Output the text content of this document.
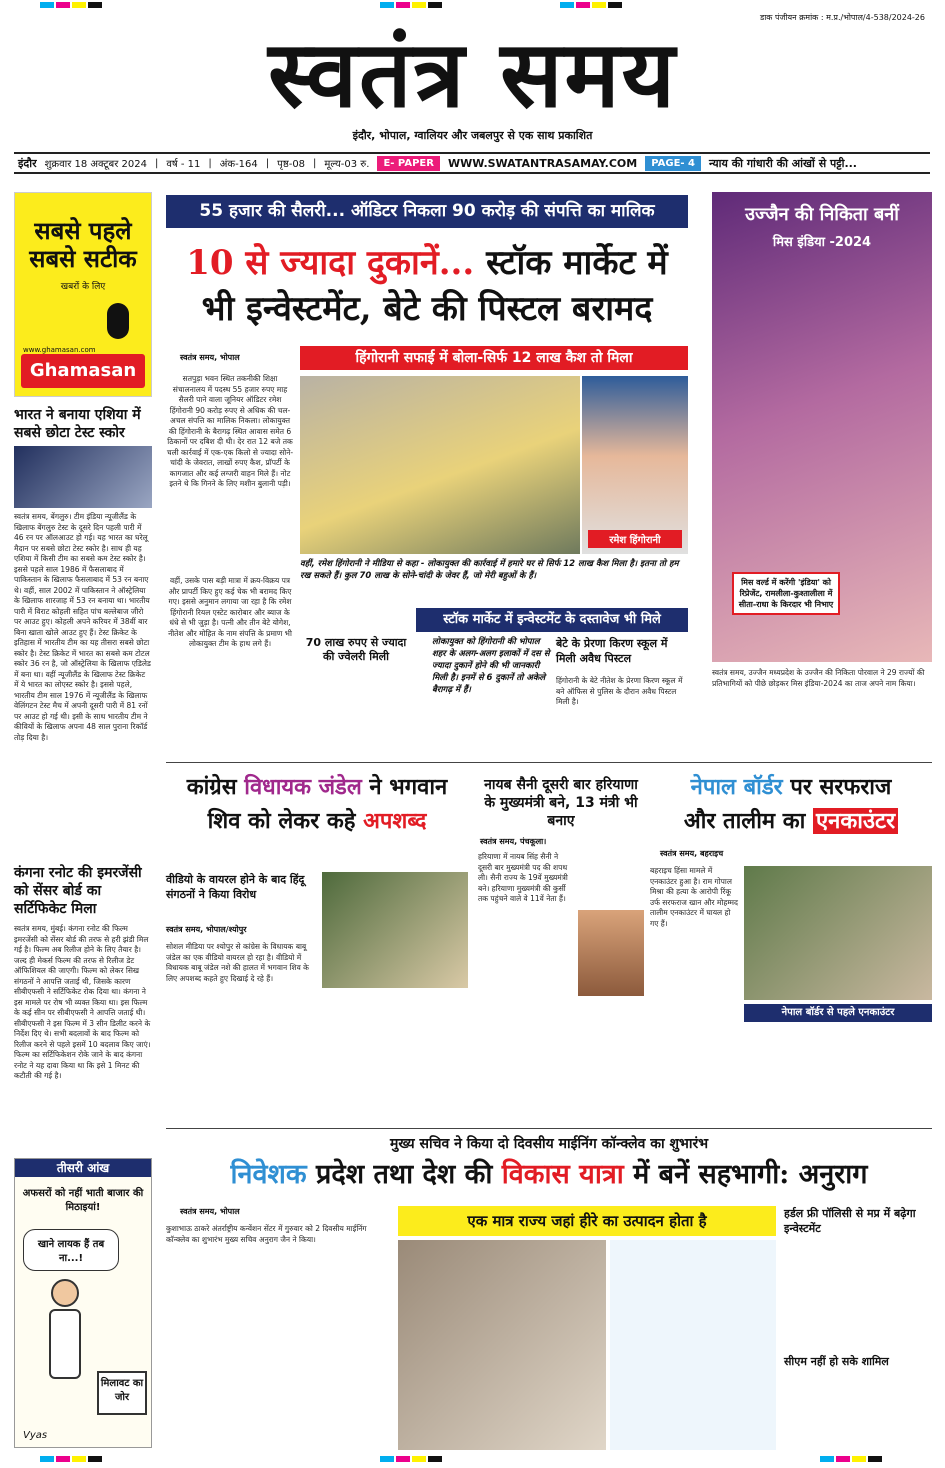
डाक पंजीयन क्रमांक : म.प्र./भोपाल/4-538/2024-26
स्वतंत्र समय
इंदौर, भोपाल, ग्वालियर और जबलपुर से एक साथ प्रकाशित
इंदौर शुक्रवार 18 अक्टूबर 2024 | वर्ष - 11 | अंक-164 | पृष्ठ-08 | मूल्य-03 रु.	E- PAPER	WWW.SWATANTRASAMAY.COM	PAGE- 4	न्याय की गांधारी की आंखों से पट्टी...
सबसे पहले
सबसे सटीक
खबरों के लिए
www.ghamasan.com
Ghamasan
भारत ने बनाया एशिया में सबसे छोटा टेस्ट स्कोर
स्वतंत्र समय, बेंगलुरु। टीम इंडिया न्यूजीलैंड के खिलाफ बेंगलुरु टेस्ट के दूसरे दिन पहली पारी में 46 रन पर ऑलआउट हो गई। यह भारत का घरेलू मैदान पर सबसे छोटा टेस्ट स्कोर है। साथ ही यह एशिया में किसी टीम का सबसे कम टेस्ट स्कोर है। इससे पहले साल 1986 में फैसलाबाद में पाकिस्तान के खिलाफ फैसलाबाद में 53 रन बनाए थे। वहीं, साल 2002 में पाकिस्तान ने ऑस्ट्रेलिया के खिलाफ शारजाह में 53 रन बनाया था। भारतीय पारी में विराट कोहली सहित पांच बल्लेबाज जीरो पर आउट हुए। कोहली अपने करियर में 38वीं बार बिना खाता खोले आउट हुए हैं। टेस्ट क्रिकेट के इतिहास में भारतीय टीम का यह तीसरा सबसे छोटा स्कोर है। टेस्ट क्रिकेट में भारत का सबसे कम टोटल स्कोर 36 रन है, जो ऑस्ट्रेलिया के खिलाफ एडिलेड में बना था। वहीं न्यूजीलैंड के खिलाफ टेस्ट क्रिकेट में ये भारत का लोएस्ट स्कोर है। इससे पहले, भारतीय टीम साल 1976 में न्यूजीलैंड के खिलाफ वेलिंगटन टेस्ट मैच में अपनी दूसरी पारी में 81 रनों पर आउट हो गई थी। इसी के साथ भारतीय टीम ने कीवियों के खिलाफ अपना 48 साल पुराना रिकॉर्ड तोड़ दिया है।
कंगना रनोट की इमरजेंसी को सेंसर बोर्ड का सर्टिफिकेट मिला
स्वतंत्र समय, मुंबई। कंगना रनोट की फिल्म इमरजेंसी को सेंसर बोर्ड की तरफ से हरी झंडी मिल गई है। फिल्म अब रिलीज होने के लिए तैयार है। जल्द ही मेकर्स फिल्म की तरफ से रिलीज डेट ऑफिशियल की जाएगी। फिल्म को लेकर सिख संगठनों ने आपत्ति जताई थी, जिसके कारण सीबीएफसी ने सर्टिफिकेट रोक दिया था। कंगना ने इस मामले पर रोष भी व्यक्त किया था। इस फिल्म के कई सीन पर सीबीएफसी ने आपत्ति जताई थी। सीबीएफसी ने इस फिल्म में 3 सीन डिलीट करने के निर्देश दिए थे। सभी बदलावों के बाद फिल्म को रिलीज करने से पहले इसमें 10 बदलाव किए जाएं। फिल्म का सर्टिफिकेशन रोके जाने के बाद कंगना रनोट ने यह दावा किया था कि इसे 1 मिनट की कटौती की गई है।
तीसरी आंख
अफसरों को नहीं भाती बाजार की मिठाइयां!
खाने लायक हैं तब ना...!
मिलावट का जोर
Vyas
55 हजार की सैलरी... ऑडिटर निकला 90 करोड़ की संपत्ति का मालिक
10 से ज्यादा दुकानें... स्टॉक मार्केट में
भी इन्वेस्टमेंट, बेटे की पिस्टल बरामद
हिंगोरानी सफाई में बोला-सिर्फ 12 लाख कैश तो मिला
स्वतंत्र समय, भोपाल
सतपुड़ा भवन स्थित तकनीकी शिक्षा संचालनालय में पदस्थ 55 हजार रुपए माह सैलरी पाने वाला जूनियर ऑडिटर रमेश हिंगोरानी 90 करोड़ रुपए से अधिक की चल-अचल संपत्ति का मालिक निकला। लोकायुक्त की हिंगोरानी के बैरागढ़ स्थित आवास समेत 6 ठिकानों पर दबिश दी थी। देर रात 12 बजे तक चली कार्रवाई में एक-एक किलो से ज्यादा सोने-चांदी के जेवरात, लाखों रुपए कैश, प्रॉपर्टी के कागजात और कई लग्जरी वाहन मिले हैं। नोट इतने थे कि गिनने के लिए मशीन बुलानी पड़ी।
वहीं, उसके पास बड़ी मात्रा में क्रय-विक्रय पत्र और प्रापर्टी किए हुए कई चेक भी बरामद किए गए। इससे अनुमान लगाया जा रहा है कि रमेश हिंगोरानी रियल एस्टेट कारोबार और ब्याज के धंधे से भी जुड़ा है। पत्नी और तीन बेटे योगेश, नीतेश और मोहित के नाम संपत्ति के प्रमाण भी लोकायुक्त टीम के हाथ लगे हैं।
रमेश हिंगोरानी
वहीं, रमेश हिंगोरानी ने मीडिया से कहा - लोकायुक्त की कार्रवाई में हमारे घर से सिर्फ 12 लाख कैश मिला है। इतना तो हम रख सकते हैं। कुल 70 लाख के सोने-चांदी के जेवर हैं, जो मेरी बहुओं के हैं।
70 लाख रुपए से ज्यादा की ज्वेलरी मिली
स्टॉक मार्केट में इन्वेस्टमेंट के दस्तावेज भी मिले
लोकायुक्त को हिंगोरानी की भोपाल शहर के अलग-अलग इलाकों में दस से ज्यादा दुकानें होने की भी जानकारी मिली है। इनमें से 6 दुकानें तो अकेले बैरागढ़ में हैं।
बेटे के प्रेरणा किरण स्कूल में मिली अवैध पिस्टल
हिंगोरानी के बेटे नीतेश के प्रेरणा किरण स्कूल में बने ऑफिस से पुलिस के दौरान अवैध पिस्टल मिली है।
उज्जैन की निकिता बनीं
मिस इंडिया -2024
मिस वर्ल्ड में करेंगी 'इंडिया' को रिप्रेजेंट, रामलीला-कुश्तालीला में सीता-राधा के किरदार भी निभाए
स्वतंत्र समय, उज्जैन मध्यप्रदेश के उज्जैन की निकिता पोरवाल ने 29 राज्यों की प्रतिभागियों को पीछे छोड़कर मिस इंडिया-2024 का ताज अपने नाम किया।
कांग्रेस विधायक जंडेल ने भगवान
शिव को लेकर कहे अपशब्द
वीडियो के वायरल होने के बाद हिंदू संगठनों ने किया विरोध
स्वतंत्र समय, भोपाल/श्योपुर
सोशल मीडिया पर श्योपुर से कांग्रेस के विधायक बाबू जंडेल का एक वीडियो वायरल हो रहा है। वीडियो में विधायक बाबू जंडेल नशे की हालत में भगवान शिव के लिए अपशब्द कहते हुए दिखाई दे रहे हैं।
नायब सैनी दूसरी बार हरियाणा के मुख्यमंत्री बने, 13 मंत्री भी बनाए
स्वतंत्र समय, पंचकूला।
हरियाणा में नायब सिंह सैनी ने दूसरी बार मुख्यमंत्री पद की शपथ ली। सैनी राज्य के 19वें मुख्यमंत्री बने। हरियाणा मुख्यमंत्री की कुर्सी तक पहुंचने वाले वे 11वें नेता हैं।
नेपाल बॉर्डर पर सरफराज
और तालीम का एनकाउंटर
स्वतंत्र समय, बहराइच
बहराइच हिंसा मामले में एनकाउंटर हुआ है। राम गोपाल मिश्रा की हत्या के आरोपी रिंकू उर्फ सरफराज खान और मोहम्मद तालीम एनकाउंटर में घायल हो गए हैं।
नेपाल बॉर्डर से पहले एनकाउंटर
मुख्य सचिव ने किया दो दिवसीय माईनिंग कॉन्क्लेव का शुभारंभ
निवेशक प्रदेश तथा देश की विकास यात्रा में बनें सहभागी: अनुराग
स्वतंत्र समय, भोपाल
कुशाभाऊ ठाकरे अंतर्राष्ट्रीय कन्वेंशन सेंटर में गुरुवार को 2 दिवसीय माईनिंग कॉन्क्लेव का शुभारंभ मुख्य सचिव अनुराग जैन ने किया।
एक मात्र राज्य जहां हीरे का उत्पादन होता है	हर्डल फ्री पॉलिसी से मप्र में बढ़ेगा इन्वेस्टमेंट
सीएम नहीं हो सके शामिल
